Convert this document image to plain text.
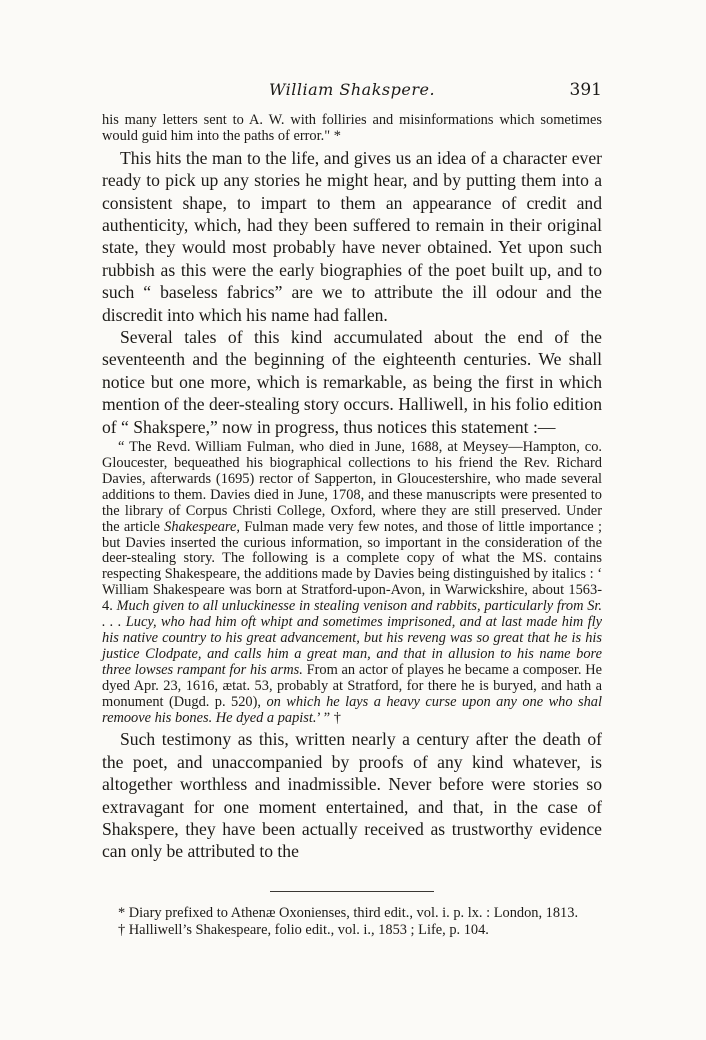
William Shakspere.	391

his many letters sent to A. W. with folliries and misinformations which sometimes would guid him into the paths of error." *

This hits the man to the life, and gives us an idea of a character ever ready to pick up any stories he might hear, and by putting them into a consistent shape, to impart to them an appearance of credit and authenticity, which, had they been suffered to remain in their original state, they would most probably have never obtained. Yet upon such rubbish as this were the early biographies of the poet built up, and to such “ baseless fabrics” are we to attribute the ill odour and the discredit into which his name had fallen.

Several tales of this kind accumulated about the end of the seventeenth and the beginning of the eighteenth centuries. We shall notice but one more, which is remarkable, as being the first in which mention of the deer-stealing story occurs. Halliwell, in his folio edition of “ Shakspere,” now in progress, thus notices this statement :—

“ The Revd. William Fulman, who died in June, 1688, at Meysey—Hampton, co. Gloucester, bequeathed his biographical collections to his friend the Rev. Richard Davies, afterwards (1695) rector of Sapperton, in Gloucestershire, who made several additions to them. Davies died in June, 1708, and these manuscripts were presented to the library of Corpus Christi College, Oxford, where they are still preserved. Under the article Shakespeare, Fulman made very few notes, and those of little importance ; but Davies inserted the curious information, so important in the consideration of the deer-stealing story. The following is a complete copy of what the MS. contains respecting Shakespeare, the additions made by Davies being distinguished by italics : ‘ William Shakespeare was born at Stratford-upon-Avon, in Warwickshire, about 1563-4. Much given to all unluckinesse in stealing venison and rabbits, particularly from Sr. . . . Lucy, who had him oft whipt and sometimes imprisoned, and at last made him fly his native country to his great advancement, but his reveng was so great that he is his justice Clodpate, and calls him a great man, and that in allusion to his name bore three lowses rampant for his arms. From an actor of playes he became a composer. He dyed Apr. 23, 1616, ætat. 53, probably at Stratford, for there he is buryed, and hath a monument (Dugd. p. 520), on which he lays a heavy curse upon any one who shal remoove his bones. He dyed a papist.’ ” †

Such testimony as this, written nearly a century after the death of the poet, and unaccompanied by proofs of any kind whatever, is altogether worthless and inadmissible. Never before were stories so extravagant for one moment entertained, and that, in the case of Shakspere, they have been actually received as trustworthy evidence can only be attributed to the

* Diary prefixed to Athenæ Oxonienses, third edit., vol. i. p. lx. : London, 1813.

† Halliwell’s Shakespeare, folio edit., vol. i., 1853 ; Life, p. 104.
